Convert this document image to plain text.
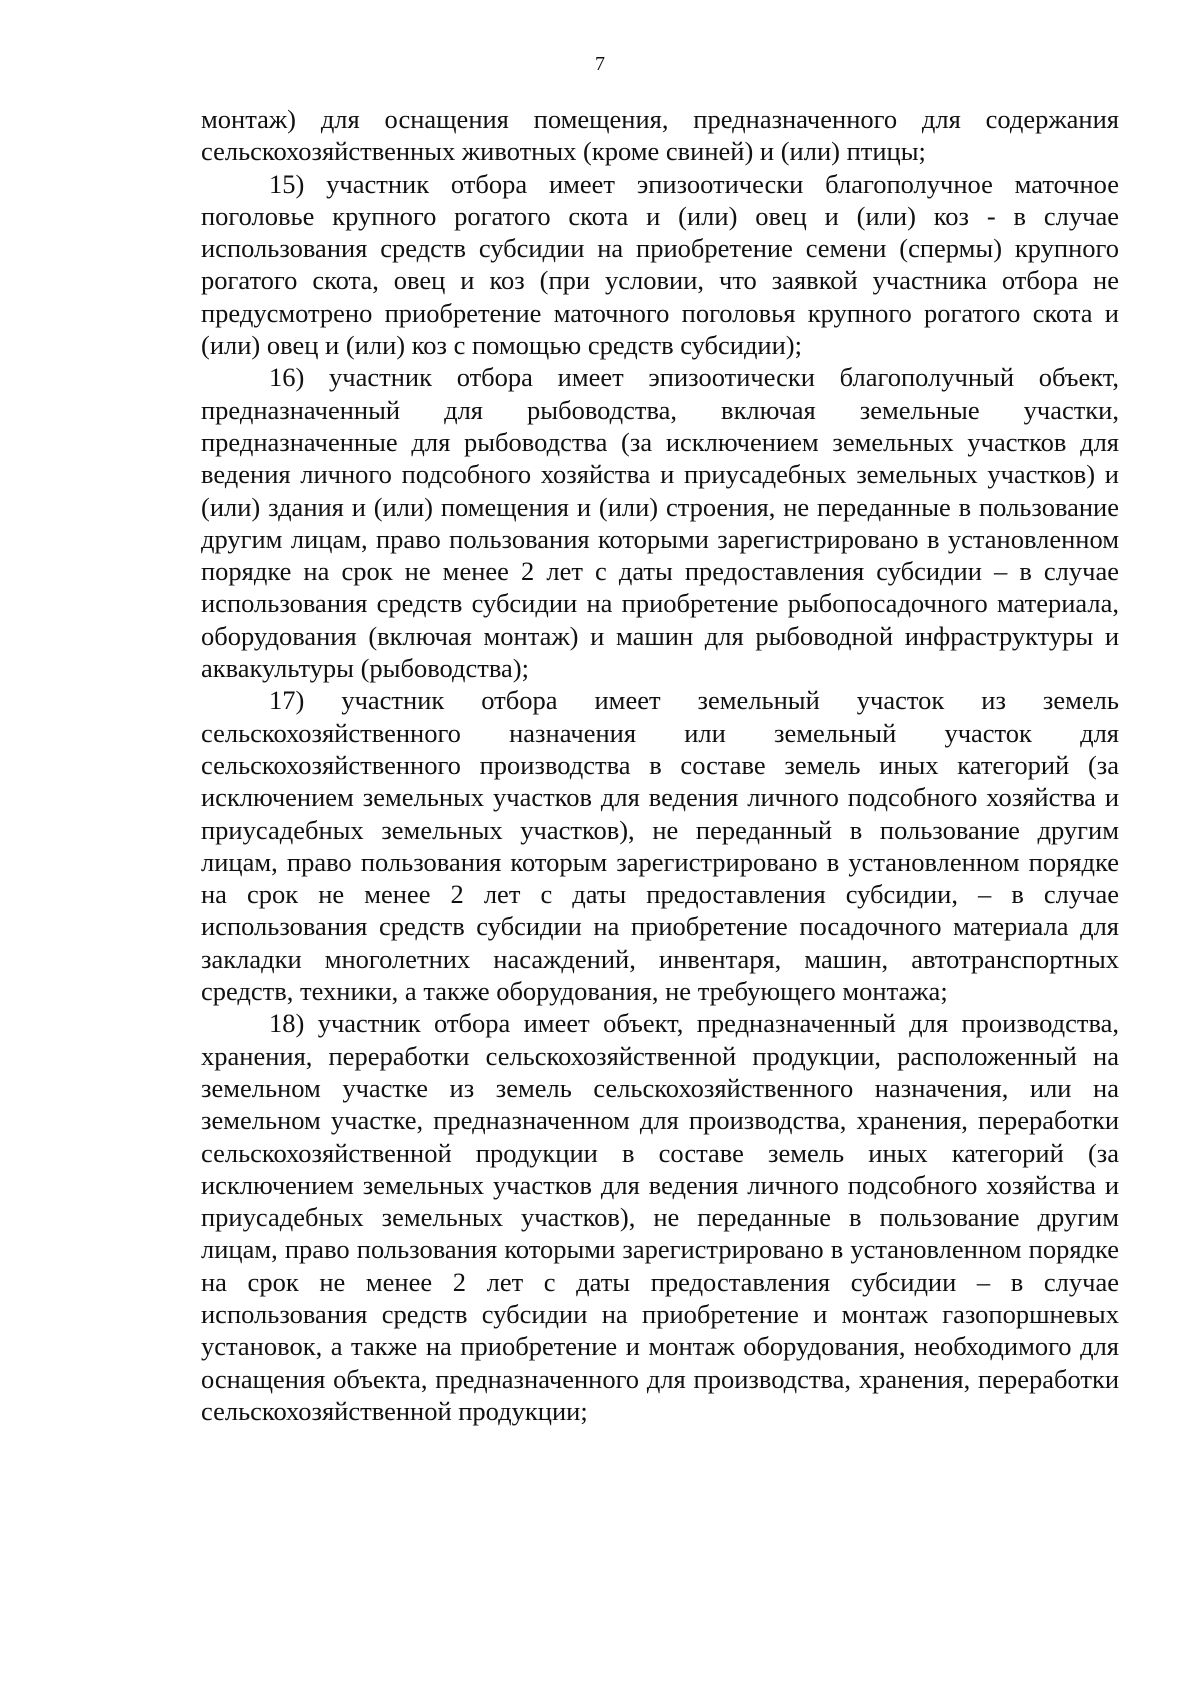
7

монтаж) для оснащения помещения, предназначенного для содержания сельскохозяйственных животных (кроме свиней) и (или) птицы;

15) участник отбора имеет эпизоотически благополучное маточное поголовье крупного рогатого скота и (или) овец и (или) коз - в случае использования средств субсидии на приобретение семени (спермы) крупного рогатого скота, овец и коз (при условии, что заявкой участника отбора не предусмотрено приобретение маточного поголовья крупного рогатого скота и (или) овец и (или) коз с помощью средств субсидии);

16) участник отбора имеет эпизоотически благополучный объект, предназначенный для рыбоводства, включая земельные участки, предназначенные для рыбоводства (за исключением земельных участков для ведения личного подсобного хозяйства и приусадебных земельных участков) и (или) здания и (или) помещения и (или) строения, не переданные в пользование другим лицам, право пользования которыми зарегистрировано в установленном порядке на срок не менее 2 лет с даты предоставления субсидии – в случае использования средств субсидии на приобретение рыбопосадочного материала, оборудования (включая монтаж) и машин для рыбоводной инфраструктуры и аквакультуры (рыбоводства);

17) участник отбора имеет земельный участок из земель сельскохозяйственного назначения или земельный участок для сельскохозяйственного производства в составе земель иных категорий (за исключением земельных участков для ведения личного подсобного хозяйства и приусадебных земельных участков), не переданный в пользование другим лицам, право пользования которым зарегистрировано в установленном порядке на срок не менее 2 лет с даты предоставления субсидии, – в случае использования средств субсидии на приобретение посадочного материала для закладки многолетних насаждений, инвентаря, машин, автотранспортных средств, техники, а также оборудования, не требующего монтажа;

18) участник отбора имеет объект, предназначенный для производства, хранения, переработки сельскохозяйственной продукции, расположенный на земельном участке из земель сельскохозяйственного назначения, или на земельном участке, предназначенном для производства, хранения, переработки сельскохозяйственной продукции в составе земель иных категорий (за исключением земельных участков для ведения личного подсобного хозяйства и приусадебных земельных участков), не переданные в пользование другим лицам, право пользования которыми зарегистрировано в установленном порядке на срок не менее 2 лет с даты предоставления субсидии – в случае использования средств субсидии на приобретение и монтаж газопоршневых установок, а также на приобретение и монтаж оборудования, необходимого для оснащения объекта, предназначенного для производства, хранения, переработки сельскохозяйственной продукции;
